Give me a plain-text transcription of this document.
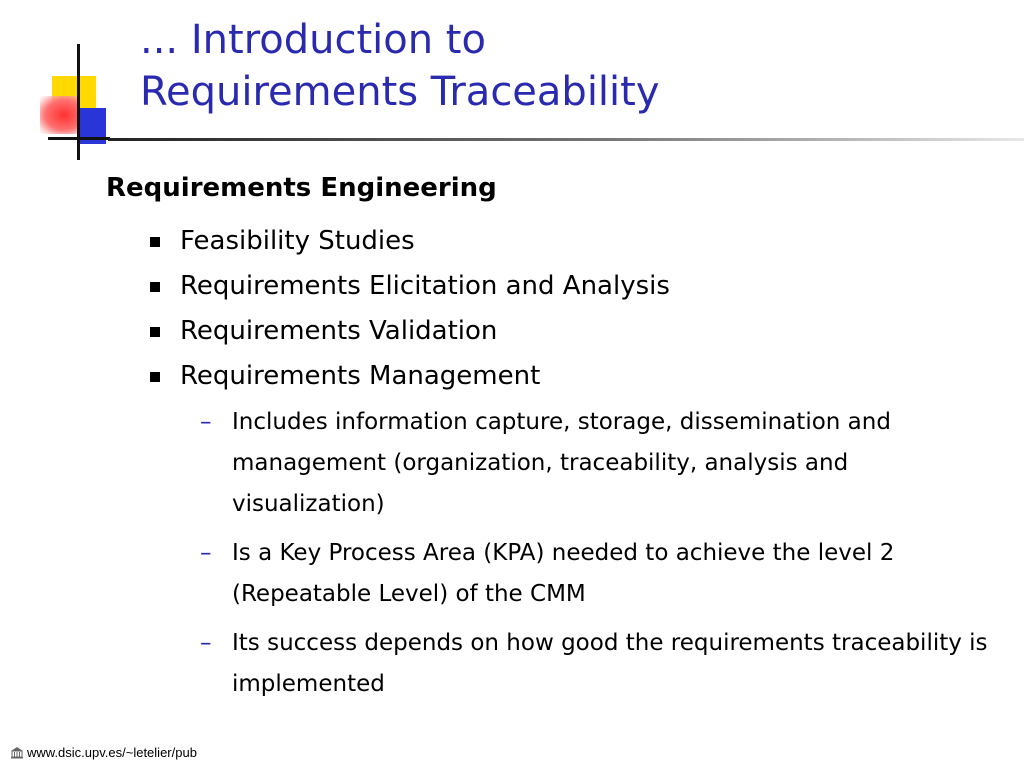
... Introduction to
Requirements Traceability
Requirements Engineering
Feasibility Studies
Requirements Elicitation and Analysis
Requirements Validation
Requirements Management
– Includes information capture, storage, dissemination and management (organization, traceability, analysis and visualization)
– Is a Key Process Area (KPA) needed to achieve the level 2 (Repeatable Level) of the CMM
– Its success depends on how good the requirements traceability is implemented
www.dsic.upv.es/~letelier/pub
